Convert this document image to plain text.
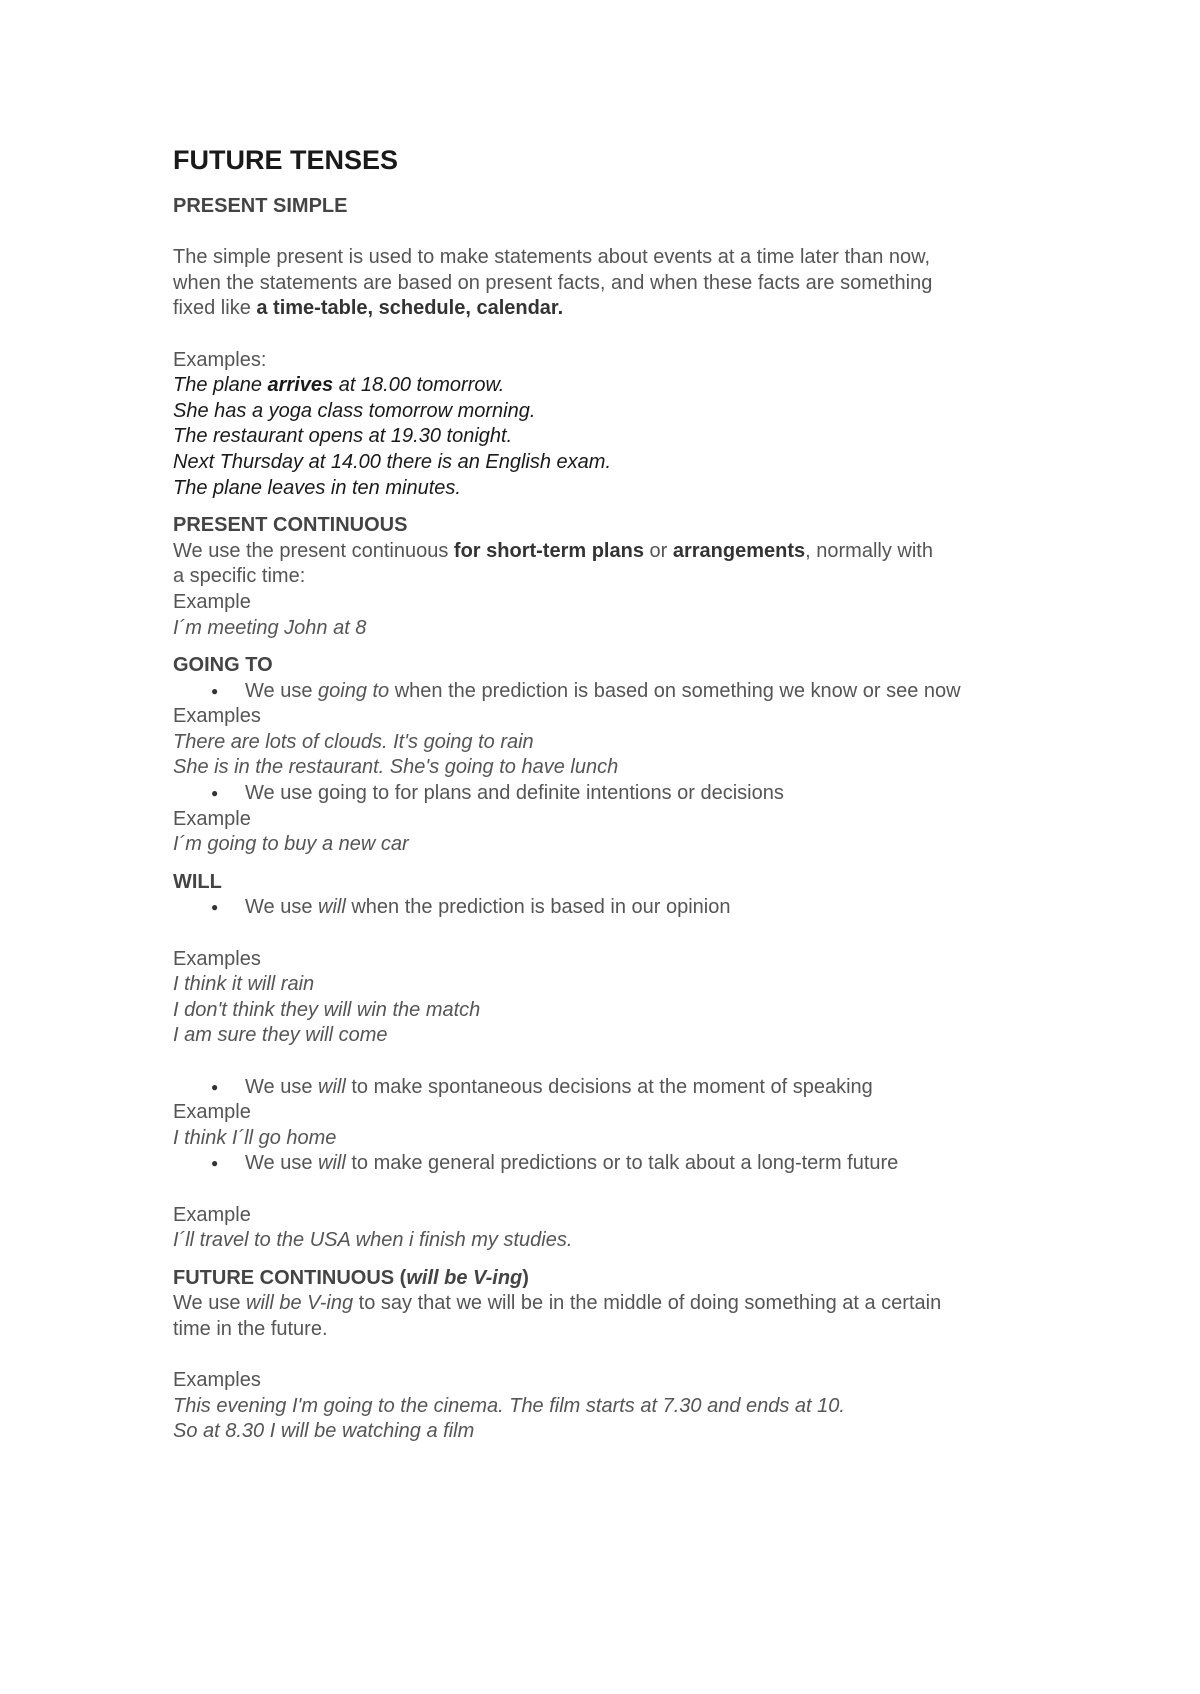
FUTURE TENSES

PRESENT SIMPLE

The simple present is used to make statements about events at a time later than now,

when the statements are based on present facts, and when these facts are something

fixed like a time-table, schedule, calendar.

Examples:

The plane arrives at 18.00 tomorrow.

She has a yoga class tomorrow morning.

The restaurant opens at 19.30 tonight.

Next Thursday at 14.00 there is an English exam.

The plane leaves in ten minutes.

PRESENT CONTINUOUS

We use the present continuous for short-term plans or arrangements, normally with

a specific time:

Example

I´m meeting John at 8

GOING TO

● We use going to when the prediction is based on something we know or see now

Examples

There are lots of clouds. It's going to rain

She is in the restaurant. She's going to have lunch

● We use going to for plans and definite intentions or decisions

Example

I´m going to buy a new car

WILL

● We use will when the prediction is based in our opinion

Examples

I think it will rain

I don't think they will win the match

I am sure they will come

● We use will to make spontaneous decisions at the moment of speaking

Example

I think I´ll go home

● We use will to make general predictions or to talk about a long-term future

Example

I´ll travel to the USA when i finish my studies.

FUTURE CONTINUOUS (will be V-ing)

We use will be V-ing to say that we will be in the middle of doing something at a certain

time in the future.

Examples

This evening I'm going to the cinema. The film starts at 7.30 and ends at 10.

So at 8.30 I will be watching a film
